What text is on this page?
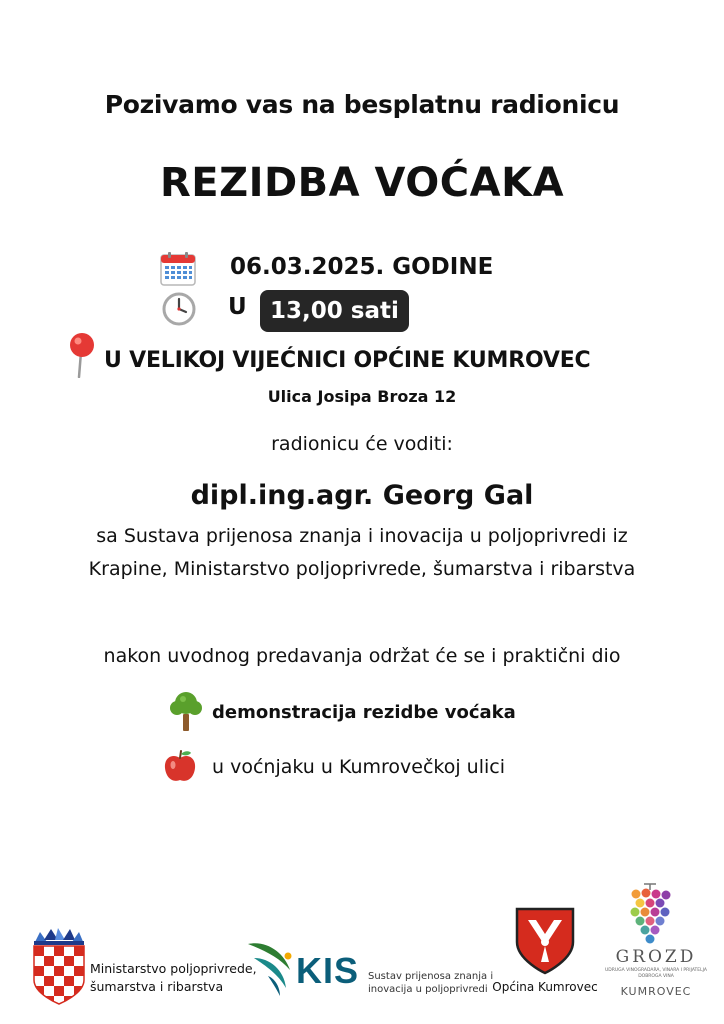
Pozivamo vas na besplatnu radionicu
REZIDBA VOĆAKA
06.03.2025. GODINE
U	13,00 sati
U VELIKOJ VIJEĆNICI OPĆINE KUMROVEC
Ulica Josipa Broza 12
radionicu će voditi:
dipl.ing.agr. Georg Gal
sa Sustava prijenosa znanja i inovacija u poljoprivredi iz Krapine, Ministarstvo poljoprivrede, šumarstva i ribarstva
nakon uvodnog predavanja održat će se i praktični dio
demonstracija rezidbe voćaka
u voćnjaku u Kumrovečkoj ulici
Ministarstvo poljoprivrede,
šumarstva i ribarstva	KIS Sustav prijenosa znanja i
inovacija u poljoprivredi Općina Kumrovec
GROZD
UDRUGA VINOGRADARA, VINARA I PRIJATELJA DOBROGA VINA
KUMROVEC
